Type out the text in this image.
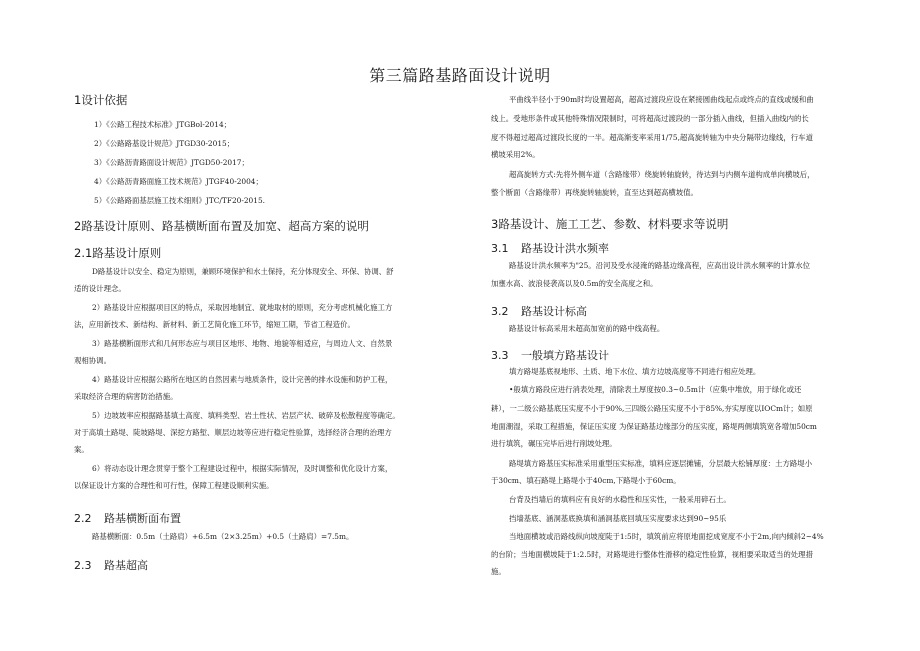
第三篇路基路面设计说明
1设计依据
1）《公路工程技术标准》JTGBol-2014；
2）《公路路基设计规范》JTGD30-2015；
3）《公路沥青路面设计规范》JTGD50-2017；
4）《公路沥青路面施工技术规范》JTGF40-2004；
5）《公路路面基层施工技术细则》JTC/TF20-2015.
2路基设计原则、路基横断面布置及加宽、超高方案的说明
2.1路基设计原则
D路基设计以安全、稳定为原则，兼顾环境保护和水土保持，充分体现安全、环保、协调、舒
适的设计理念。
2）路基设计应根据项目区的特点，采取因地制宜、就地取材的原则，充分考虑机械化施工方
法，应用新技术、新结构、新材料、新工艺简化施工环节，缩短工期，节省工程造价。
3）路基横断面形式和几何形态应与项目区地形、地物、地貌等相适应，与周边人文、自然景
观相协调。
4）路基设计应根据公路所在地区的自然因素与地质条件，设计完善的排水设施和防护工程，
采取经济合理的病害防治措施。
5）边坡坡率应根据路基填土高度、填料类型、岩土性状、岩层产状、破碎及松散程度等确定。
对于高填土路堤、陡坡路堤、深挖方路堑、顺层边坡等应进行稳定性验算，选择经济合理的治理方
案。
6）将动态设计理念贯穿于整个工程建设过程中，根据实际情况，及时调整和优化设计方案，
以保证设计方案的合理性和可行性，保障工程建设顺利实施。
2.2 路基横断面布置
路基横断面：0.5m（土路肩）+6.5m（2×3.25m）+0.5（土路肩）=7.5m。
2.3 路基超高
平曲线半径小于90m时均设置超高，超高过渡段应设在紧接圆曲线起点或终点的直线或缓和曲
线上。受地形条件或其他特殊情况限制时，可将超高过渡段的一部分插入曲线，但插入曲线内的长
度不得超过超高过渡段长度的一半。超高渐变率采用1/75,超高旋转轴为中央分隔带边缘线，行车道
横坡采用2%。
超高旋转方式:先将外侧车道（含路缘带）绕旋转轴旋转，待达到与内侧车道构成单向横坡后，
整个断面（含路缘带）再绕旋转轴旋转，直至达到超高横坡值。
3路基设计、施工工艺、参数、材料要求等说明
3.1 路基设计洪水频率
路基设计洪水频率为"25。沿河及受水浸淹的路基边缘高程，应高出设计洪水频率的计算水位
加壅水高、波浪侵袭高以及0.5m的安全高度之和。
3.2 路基设计标高
路基设计标高采用未超高加宽前的路中线高程。
3.3 一般填方路基设计
填方路堤基底视地形、土质、地下水位、填方边坡高度等不同进行相应处理。
•般填方路段应进行消表处理，清除表土厚度按0.3~0.5m计（应集中堆放，用于绿化或还
耕），一二级公路基底压实度不小于90%,三四级公路压实度不小于85%,夯实厚度以IOCm计；如原
地面潮湿，采取工程措施，保证压实度 为保证路基边缘部分的压实度，路堤两侧填筑宽各增加50cm
进行填筑，碾压完毕后进行削坡处理。
路堤填方路基压实标准采用重型压实标准，填料应逐层摊铺，分层最大松铺厚度：土方路堤小
于30cm、填石路堤上路堤小于40cm,下路堤小于60cm。
台背及挡墙后的填料应有良好的水稳性和压实性，一般采用碎石土。
挡墙基底、涵洞基底换填和涵洞基底回填压实度要求达到90~95乐
当地面横坡或沿路线纵向坡度陡于1:5时，填筑前应将原地面挖成宽度不小于2m,向内倾斜2~4%
的台阶；当地面横坡陡于1:2.5时，对路堤进行整体性滑移的稳定性验算，视相要采取适当的处理措
施。
